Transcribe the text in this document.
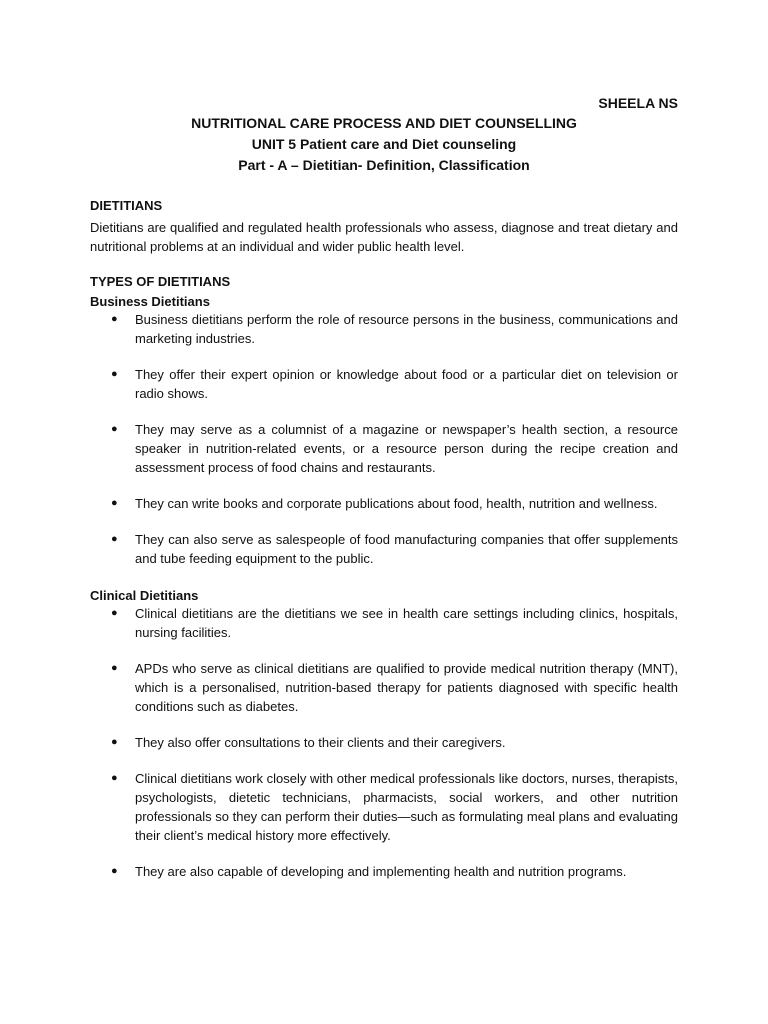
SHEELA NS

NUTRITIONAL CARE PROCESS AND DIET COUNSELLING
UNIT 5 Patient care and Diet counseling
Part - A – Dietitian- Definition, Classification

DIETITIANS

Dietitians are qualified and regulated health professionals who assess, diagnose and treat dietary and nutritional problems at an individual and wider public health level.

TYPES OF DIETITIANS

Business Dietitians

● Business dietitians perform the role of resource persons in the business, communications and marketing industries.
● They offer their expert opinion or knowledge about food or a particular diet on television or radio shows.
● They may serve as a columnist of a magazine or newspaper’s health section, a resource speaker in nutrition-related events, or a resource person during the recipe creation and assessment process of food chains and restaurants.
● They can write books and corporate publications about food, health, nutrition and wellness.
● They can also serve as salespeople of food manufacturing companies that offer supplements and tube feeding equipment to the public.

Clinical Dietitians

● Clinical dietitians are the dietitians we see in health care settings including clinics, hospitals, nursing facilities.
● APDs who serve as clinical dietitians are qualified to provide medical nutrition therapy (MNT), which is a personalised, nutrition-based therapy for patients diagnosed with specific health conditions such as diabetes.
● They also offer consultations to their clients and their caregivers.
● Clinical dietitians work closely with other medical professionals like doctors, nurses, therapists, psychologists, dietetic technicians, pharmacists, social workers, and other nutrition professionals so they can perform their duties—such as formulating meal plans and evaluating their client’s medical history more effectively.
● They are also capable of developing and implementing health and nutrition programs.
